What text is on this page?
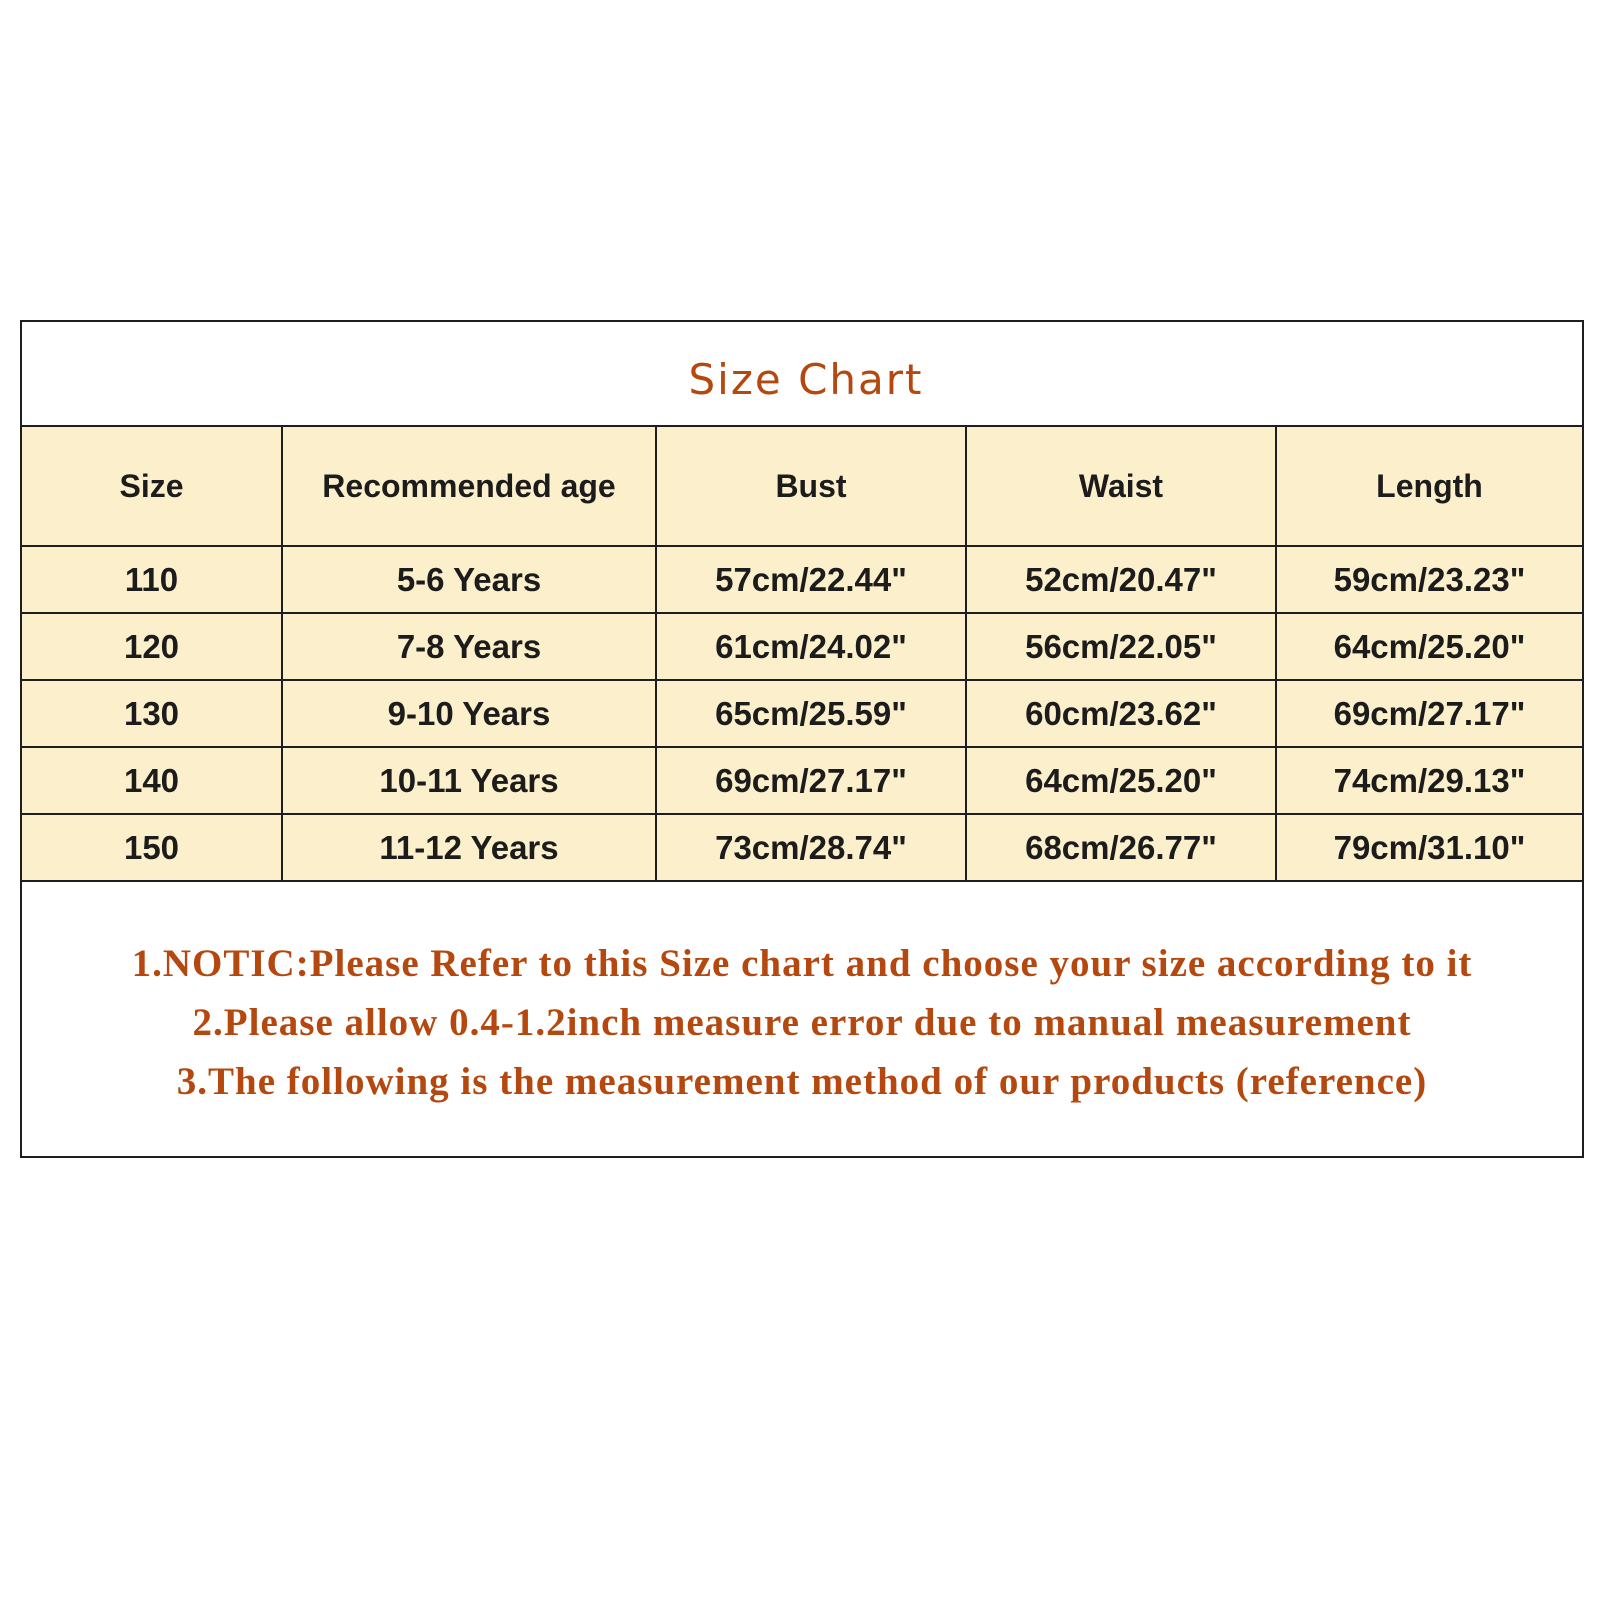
Size Chart
Size	Recommended age	Bust	Waist	Length
110	5-6 Years	57cm/22.44"	52cm/20.47"	59cm/23.23"
120	7-8 Years	61cm/24.02"	56cm/22.05"	64cm/25.20"
130	9-10 Years	65cm/25.59"	60cm/23.62"	69cm/27.17"
140	10-11 Years	69cm/27.17"	64cm/25.20"	74cm/29.13"
150	11-12 Years	73cm/28.74"	68cm/26.77"	79cm/31.10"
1.NOTIC:Please Refer to this Size chart and choose your size according to it
2.Please allow 0.4-1.2inch measure error due to manual measurement
3.The following is the measurement method of our products (reference)
